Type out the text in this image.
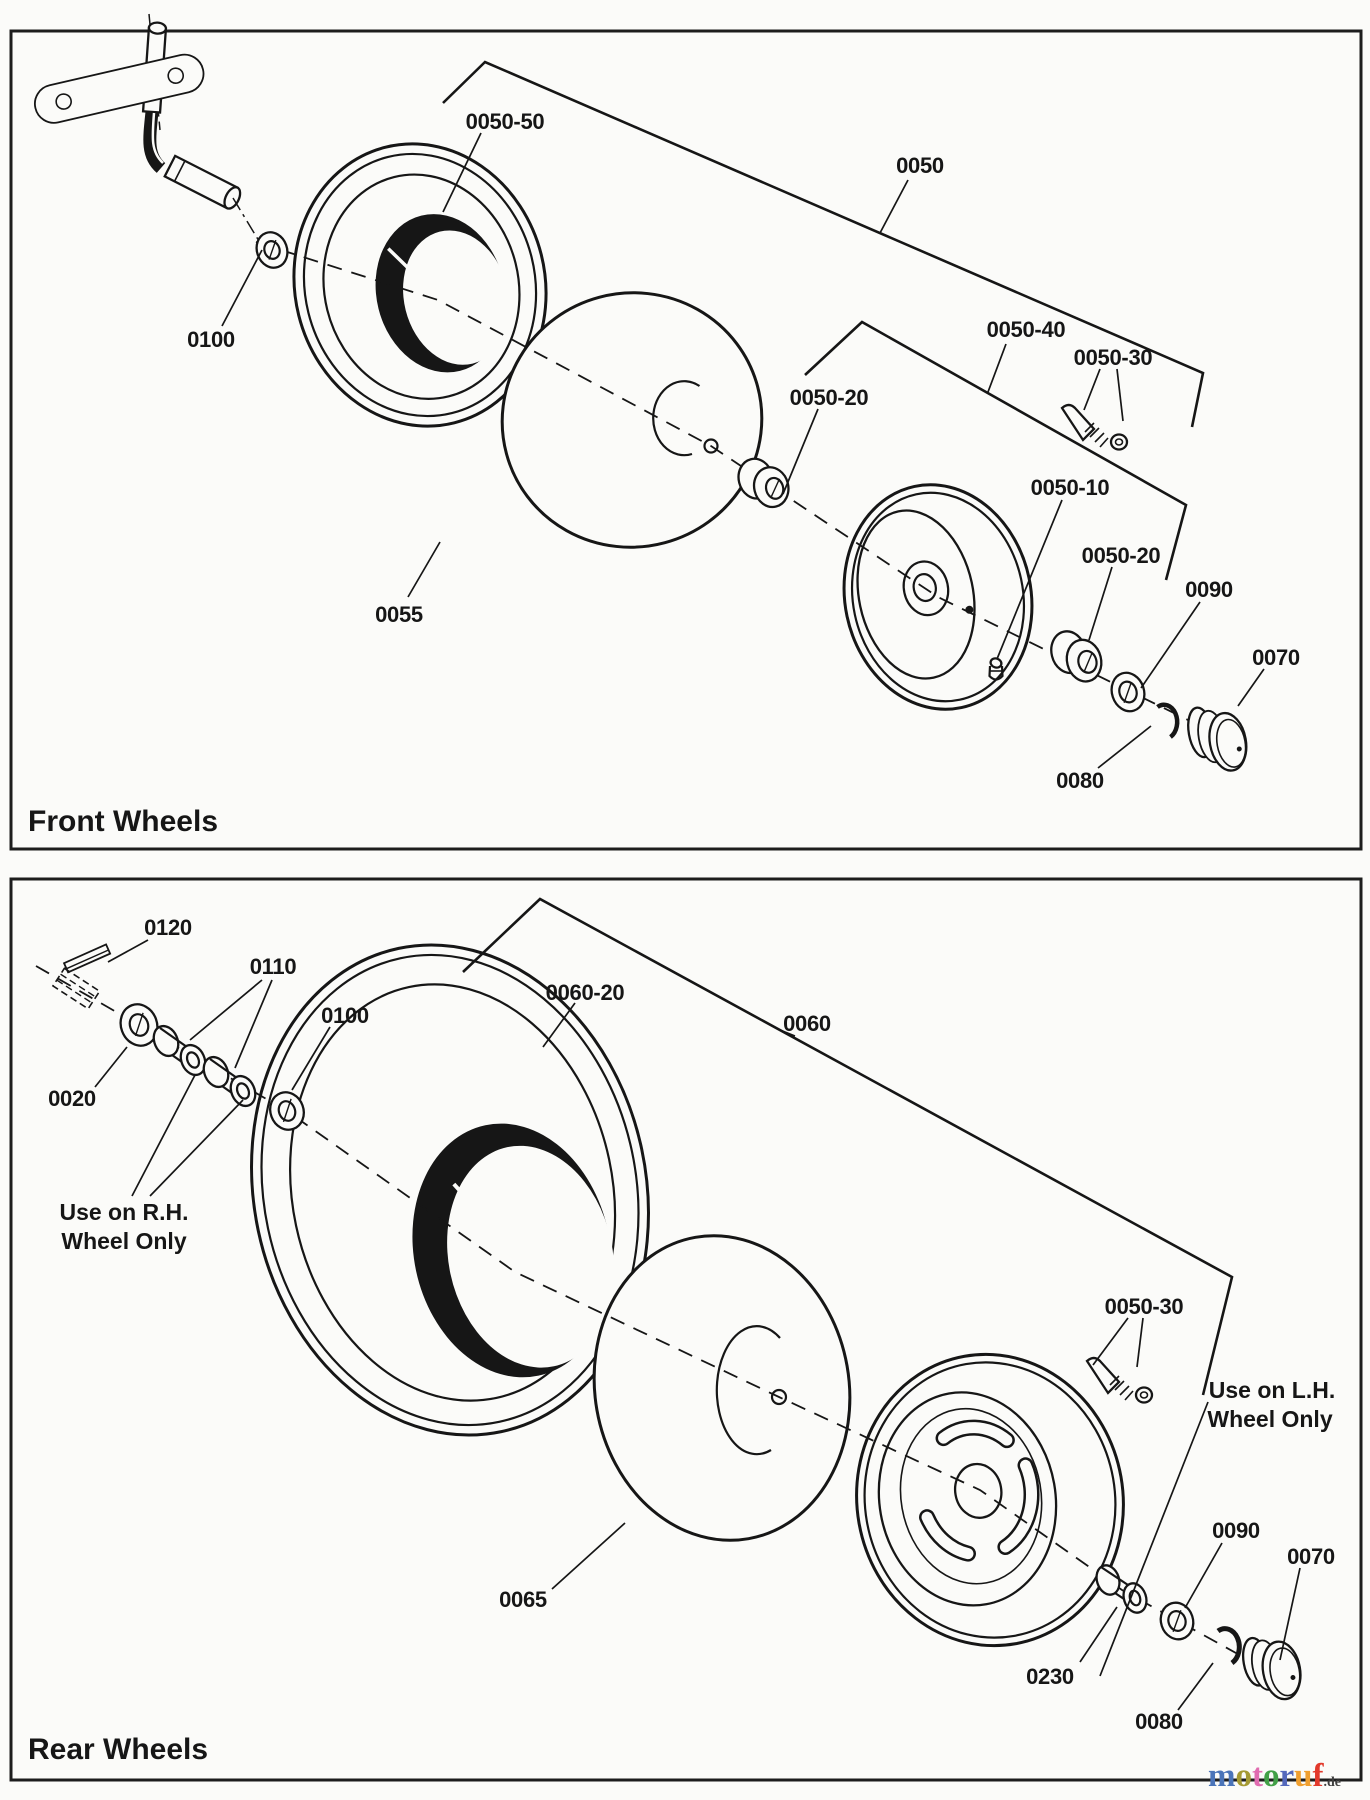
0100
0050-50
0050
0055
0050-20
0050-40
0050-30
0050-10
0050-20
0090
0070
0080
Front Wheels
0120
0110
0100
0020
0060-20
0060
0065
0050-30
0230
0090
0070
0080
Use on R.H.
Wheel Only
Use on L.H.
Wheel Only
Rear Wheels
motoruf.de
